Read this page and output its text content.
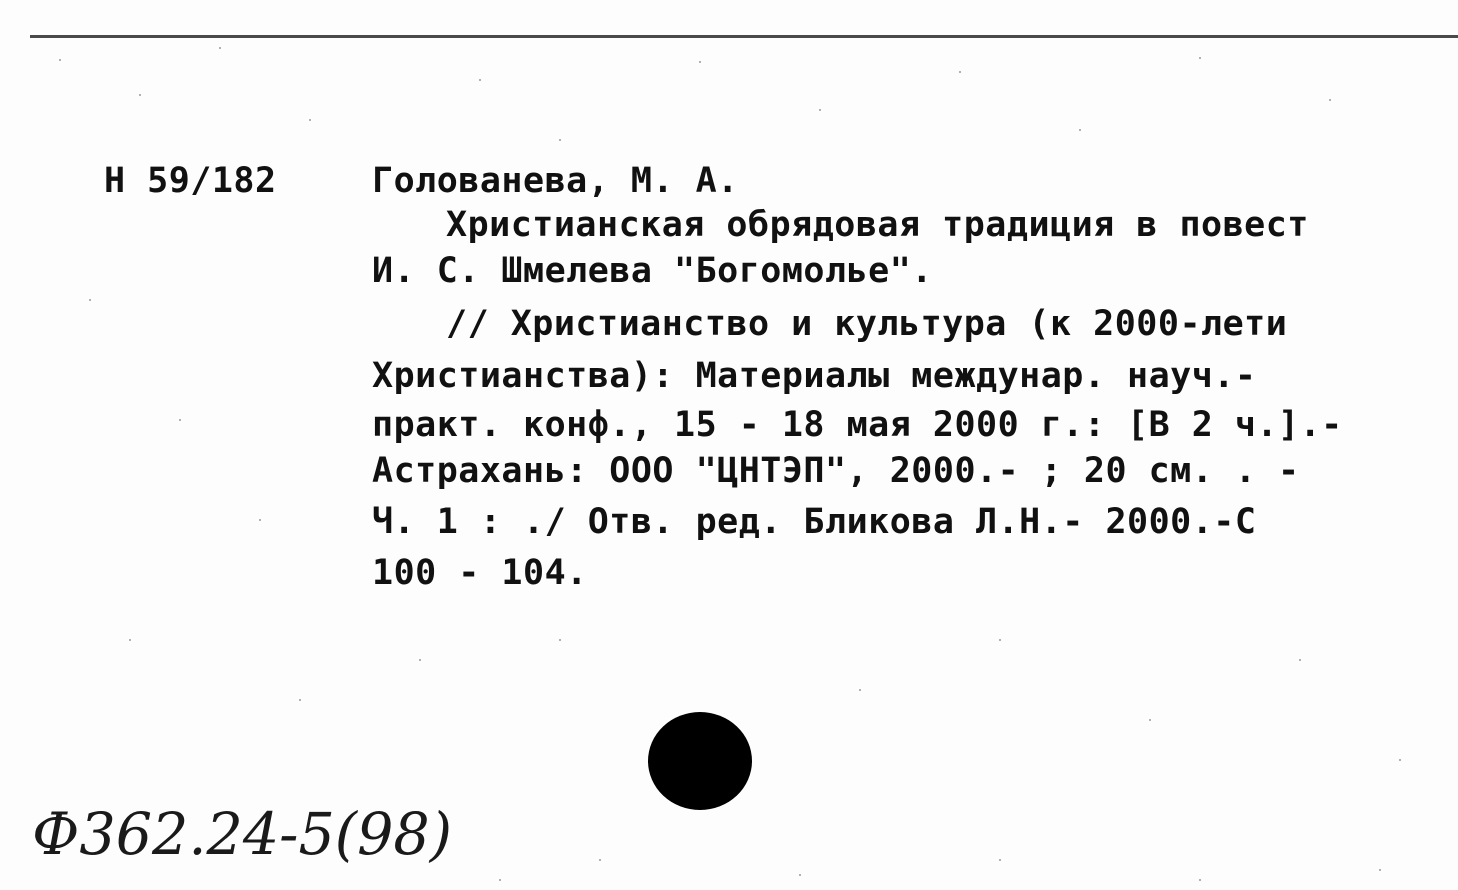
Н 59/182	Голованева, М. А.
Христианская обрядовая традиция в повест
И. С. Шмелева "Богомолье".
// Христианство и культура (к 2000-лети
Христианства): Материалы междунар. науч.-
практ. конф., 15 - 18 мая 2000 г.: [В 2 ч.].-
Астрахань: ООО "ЦНТЭП", 2000.- ; 20 см. . -
Ч. 1 : ./ Отв. ред. Бликова Л.Н.- 2000.-С
100 - 104.
Ф362.24-5(98)
